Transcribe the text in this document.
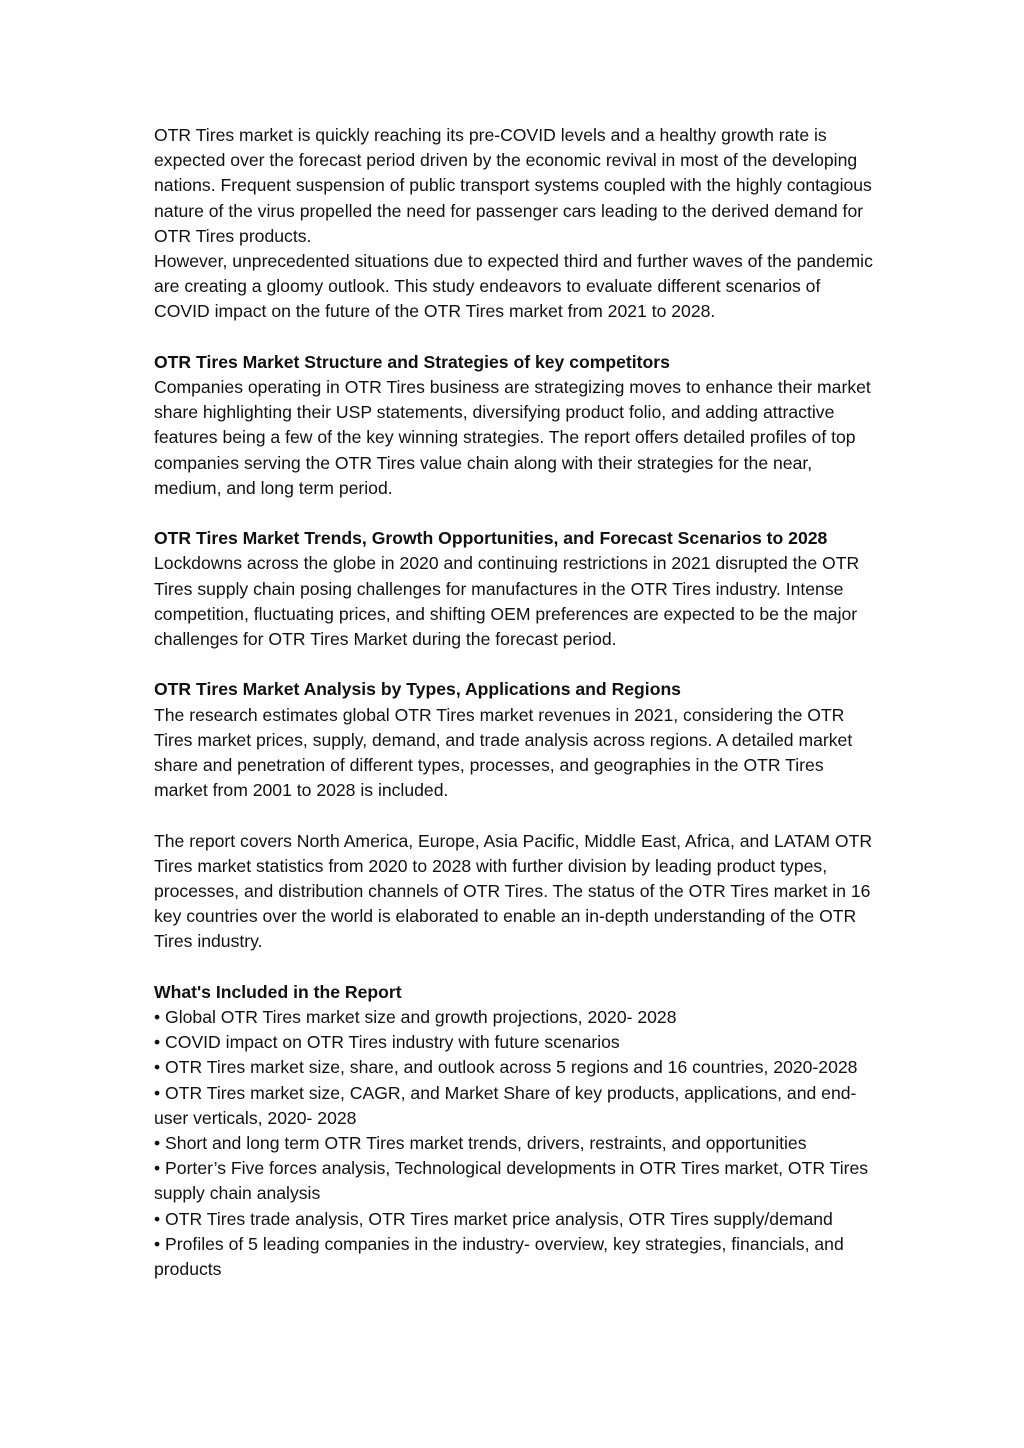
OTR Tires market is quickly reaching its pre-COVID levels and a healthy growth rate is expected over the forecast period driven by the economic revival in most of the developing nations. Frequent suspension of public transport systems coupled with the highly contagious nature of the virus propelled the need for passenger cars leading to the derived demand for OTR Tires products.

However, unprecedented situations due to expected third and further waves of the pandemic are creating a gloomy outlook. This study endeavors to evaluate different scenarios of COVID impact on the future of the OTR Tires market from 2021 to 2028.

OTR Tires Market Structure and Strategies of key competitors

Companies operating in OTR Tires business are strategizing moves to enhance their market share highlighting their USP statements, diversifying product folio, and adding attractive features being a few of the key winning strategies. The report offers detailed profiles of top companies serving the OTR Tires value chain along with their strategies for the near, medium, and long term period.

OTR Tires Market Trends, Growth Opportunities, and Forecast Scenarios to 2028

Lockdowns across the globe in 2020 and continuing restrictions in 2021 disrupted the OTR Tires supply chain posing challenges for manufactures in the OTR Tires industry. Intense competition, fluctuating prices, and shifting OEM preferences are expected to be the major challenges for OTR Tires Market during the forecast period.

OTR Tires Market Analysis by Types, Applications and Regions

The research estimates global OTR Tires market revenues in 2021, considering the OTR Tires market prices, supply, demand, and trade analysis across regions. A detailed market share and penetration of different types, processes, and geographies in the OTR Tires market from 2001 to 2028 is included.

The report covers North America, Europe, Asia Pacific, Middle East, Africa, and LATAM OTR Tires market statistics from 2020 to 2028 with further division by leading product types, processes, and distribution channels of OTR Tires. The status of the OTR Tires market in 16 key countries over the world is elaborated to enable an in-depth understanding of the OTR Tires industry.

What's Included in the Report

• Global OTR Tires market size and growth projections, 2020- 2028
• COVID impact on OTR Tires industry with future scenarios
• OTR Tires market size, share, and outlook across 5 regions and 16 countries, 2020-2028
• OTR Tires market size, CAGR, and Market Share of key products, applications, and end-user verticals, 2020- 2028
• Short and long term OTR Tires market trends, drivers, restraints, and opportunities
• Porter’s Five forces analysis, Technological developments in OTR Tires market, OTR Tires supply chain analysis
• OTR Tires trade analysis, OTR Tires market price analysis, OTR Tires supply/demand
• Profiles of 5 leading companies in the industry- overview, key strategies, financials, and products
